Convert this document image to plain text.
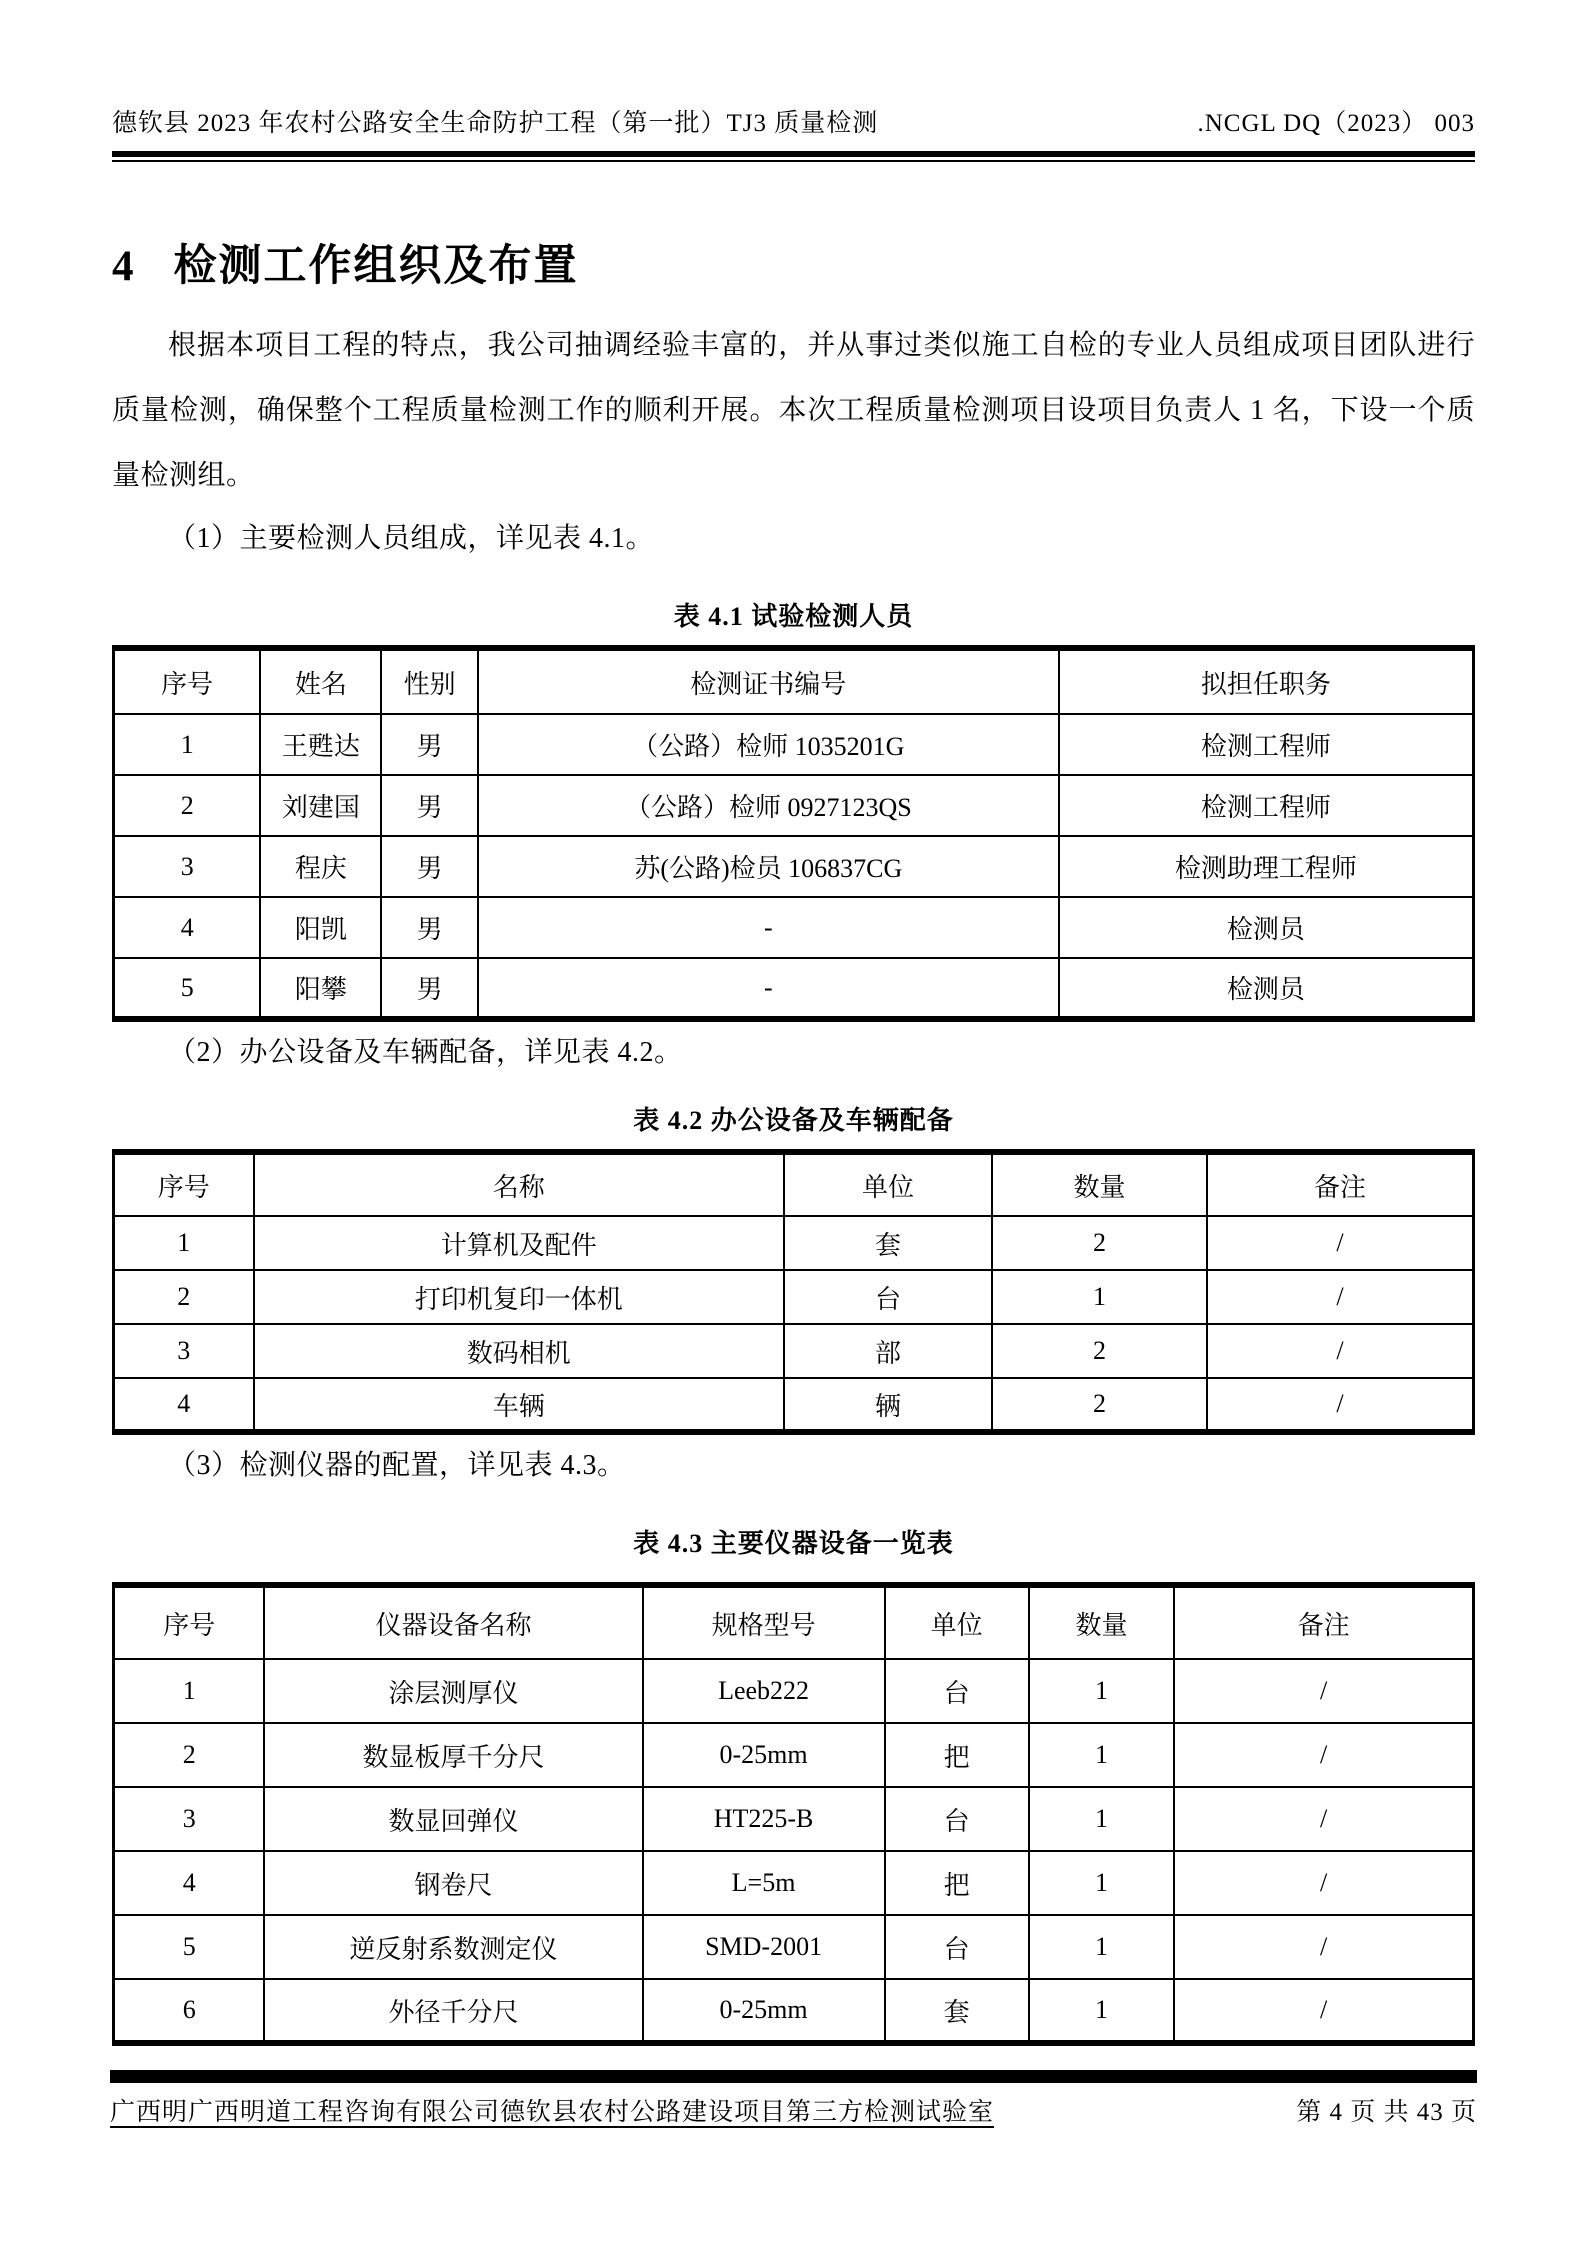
德钦县 2023 年农村公路安全生命防护工程（第一批）TJ3 质量检测	.NCGL DQ（2023） 003
4 检测工作组织及布置

根据本项目工程的特点，我公司抽调经验丰富的，并从事过类似施工自检的专业人员组成项目团队进行质量检测，确保整个工程质量检测工作的顺利开展。本次工程质量检测项目设项目负责人 1 名，下设一个质量检测组。

（1）主要检测人员组成，详见表 4.1。

表 4.1 试验检测人员
序号	姓名	性别	检测证书编号	拟担任职务
1	王甦达	男	（公路）检师 1035201G	检测工程师
2	刘建国	男	（公路）检师 0927123QS	检测工程师
3	程庆	男	苏(公路)检员 106837CG	检测助理工程师
4	阳凯	男	-	检测员
5	阳攀	男	-	检测员

（2）办公设备及车辆配备，详见表 4.2。

表 4.2 办公设备及车辆配备
序号	名称	单位	数量	备注
1	计算机及配件	套	2	/
2	打印机复印一体机	台	1	/
3	数码相机	部	2	/
4	车辆	辆	2	/

（3）检测仪器的配置，详见表 4.3。

表 4.3 主要仪器设备一览表
序号	仪器设备名称	规格型号	单位	数量	备注
1	涂层测厚仪	Leeb222	台	1	/
2	数显板厚千分尺	0-25mm	把	1	/
3	数显回弹仪	HT225-B	台	1	/
4	钢卷尺	L=5m	把	1	/
5	逆反射系数测定仪	SMD-2001	台	1	/
6	外径千分尺	0-25mm	套	1	/
广西明广西明道工程咨询有限公司德钦县农村公路建设项目第三方检测试验室	第 4 页 共 43 页
